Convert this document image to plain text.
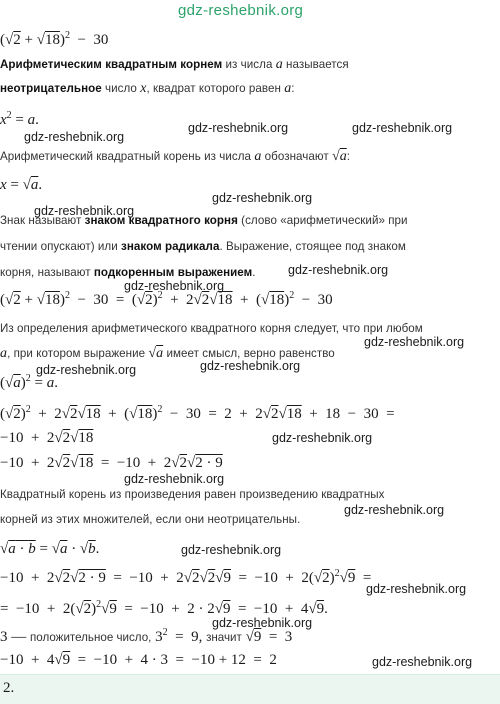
gdz-reshebnik.org
$(√2 + √18)^2 - 30$
Арифметическим квадратным корнем из числа a называется
неотрицательное число x, квадрат которого равен a:
$x^2 = a$.
gdz-reshebnik.org
gdz-reshebnik.org	gdz-reshebnik.org
Арифметический квадратный корень из числа a обозначают √a:
x = √a.
gdz-reshebnik.org
gdz-reshebnik.org
Знак называют знаком квадратного корня (слово «арифметический» при
чтении опускают) или знаком радикала. Выражение, стоящее под знаком
корня, называют подкоренным выражением.	gdz-reshebnik.org
gdz-reshebnik.org
$(√2 + √18)^2 - 30 = (√2)^2 + 2√2√18 + (√18)^2 - 30$
Из определения арифметического квадратного корня следует, что при любом
gdz-reshebnik.org
a, при котором выражение √a имеет смысл, верно равенство
gdz-reshebnik.org
gdz-reshebnik.org
$(√a)^2 = a$.
$(√2)^2 + 2√2√18 + (√18)^2 - 30 = 2 + 2√2√18 + 18 - 30$  =
−10  +  2√2√18	gdz-reshebnik.org
−10  +  2√2√18  =  −10  +  2√2√2 · 9
gdz-reshebnik.org
Квадратный корень из произведения равен произведению квадратных
gdz-reshebnik.org
корней из этих множителей, если они неотрицательны.
√a · b = √a · √b.	gdz-reshebnik.org
$-10 + 2√2√2 \cdot 9 = -10 + 2√2√2√9 = -10 + 2(√2)^2√9$  =
gdz-reshebnik.org
=  $-10 + 2(√2)^2√9 = -10 + 2 \cdot 2√9 = -10 + 4√9$.
gdz-reshebnik.org
3 — положительное число, $3^2 = 9$, значит √9  =  3
−10  +  4√9  =  −10  +  4 · 3  =  −10 + 12  =  2	gdz-reshebnik.org
2.
